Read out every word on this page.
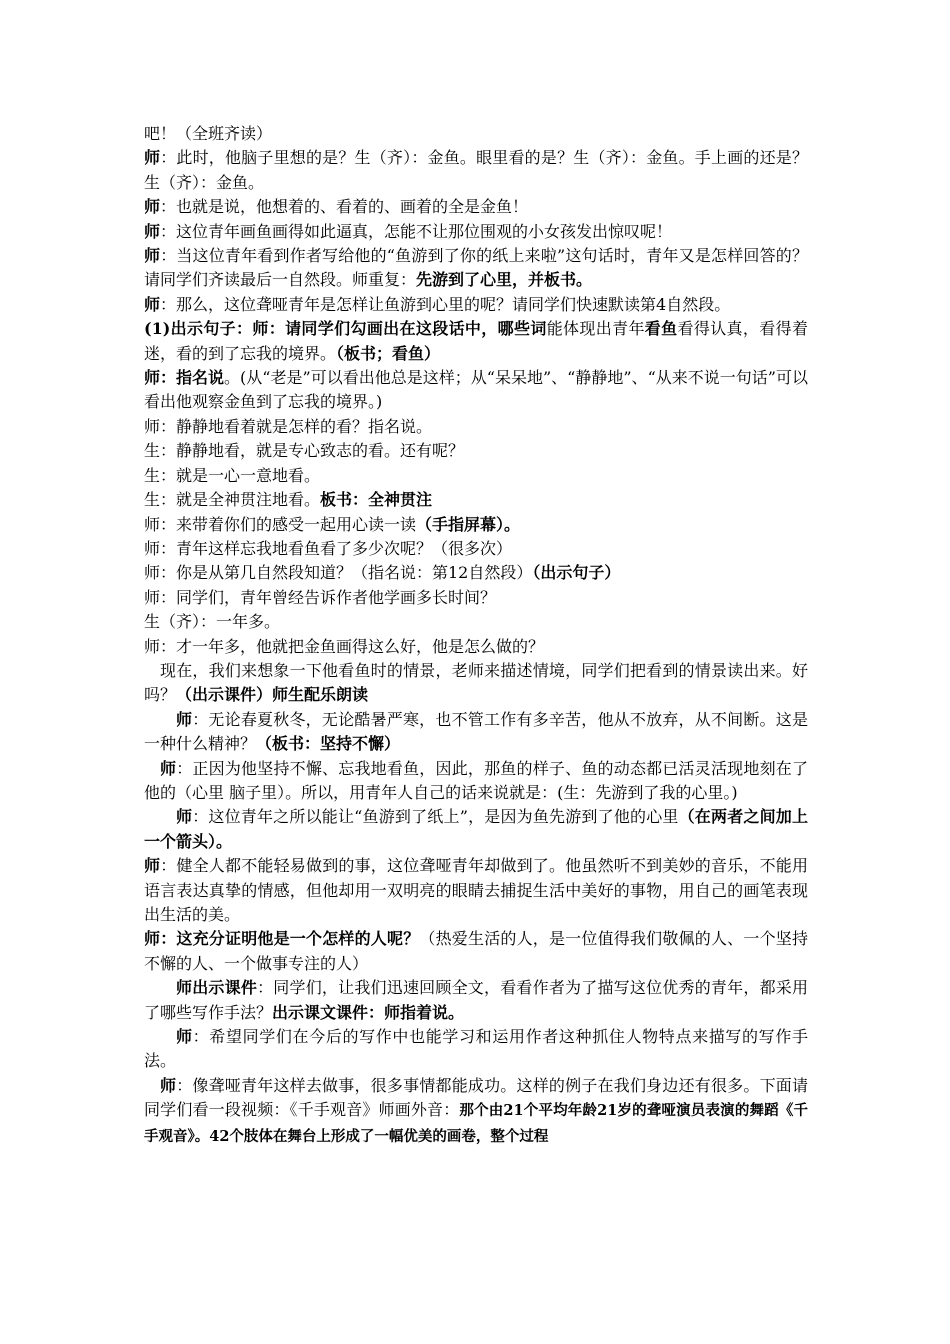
吧！（全班齐读）

师：此时，他脑子里想的是？生（齐）：金鱼。眼里看的是？生（齐）：金鱼。手上画的还是？生（齐）：金鱼。

师：也就是说，他想着的、看着的、画着的全是金鱼！

师：这位青年画鱼画得如此逼真，怎能不让那位围观的小女孩发出惊叹呢！

师：当这位青年看到作者写给他的“鱼游到了你的纸上来啦”这句话时，青年又是怎样回答的？请同学们齐读最后一自然段。师重复：先游到了心里，并板书。

师：那么，这位聋哑青年是怎样让鱼游到心里的呢？请同学们快速默读第4自然段。

(1)出示句子：师：请同学们勾画出在这段话中，哪些词能体现出青年看鱼看得认真，看得着迷，看的到了忘我的境界。（板书；看鱼）

师：指名说。(从“老是”可以看出他总是这样；从“呆呆地”、“静静地”、“从来不说一句话”可以看出他观察金鱼到了忘我的境界。)

师：静静地看着就是怎样的看？指名说。

生：静静地看，就是专心致志的看。还有呢？

生：就是一心一意地看。

生：就是全神贯注地看。板书：全神贯注

师：来带着你们的感受一起用心读一读（手指屏幕）。

师：青年这样忘我地看鱼看了多少次呢？（很多次）

师：你是从第几自然段知道？（指名说：第12自然段）（出示句子）

师：同学们，青年曾经告诉作者他学画多长时间？

生（齐）：一年多。

师：才一年多，他就把金鱼画得这么好，他是怎么做的？

现在，我们来想象一下他看鱼时的情景，老师来描述情境，同学们把看到的情景读出来。好吗？（出示课件）师生配乐朗读

师：无论春夏秋冬，无论酷暑严寒，也不管工作有多辛苦，他从不放弃，从不间断。这是一种什么精神？（板书：坚持不懈）

师：正因为他坚持不懈、忘我地看鱼，因此，那鱼的样子、鱼的动态都已活灵活现地刻在了他的（心里 脑子里）。所以，用青年人自己的话来说就是：(生：先游到了我的心里。)

师：这位青年之所以能让“鱼游到了纸上”，是因为鱼先游到了他的心里（在两者之间加上一个箭头）。

师：健全人都不能轻易做到的事，这位聋哑青年却做到了。他虽然听不到美妙的音乐，不能用语言表达真挚的情感，但他却用一双明亮的眼睛去捕捉生活中美好的事物，用自己的画笔表现出生活的美。

师：这充分证明他是一个怎样的人呢？（热爱生活的人，是一位值得我们敬佩的人、一个坚持不懈的人、一个做事专注的人）

师出示课件：同学们，让我们迅速回顾全文，看看作者为了描写这位优秀的青年，都采用了哪些写作手法？出示课文课件：师指着说。

师：希望同学们在今后的写作中也能学习和运用作者这种抓住人物特点来描写的写作手法。

师：像聋哑青年这样去做事，很多事情都能成功。这样的例子在我们身边还有很多。下面请同学们看一段视频：《千手观音》师画外音：那个由21个平均年龄21岁的聋哑演员表演的舞蹈《千手观音》。42个肢体在舞台上形成了一幅优美的画卷，整个过程
